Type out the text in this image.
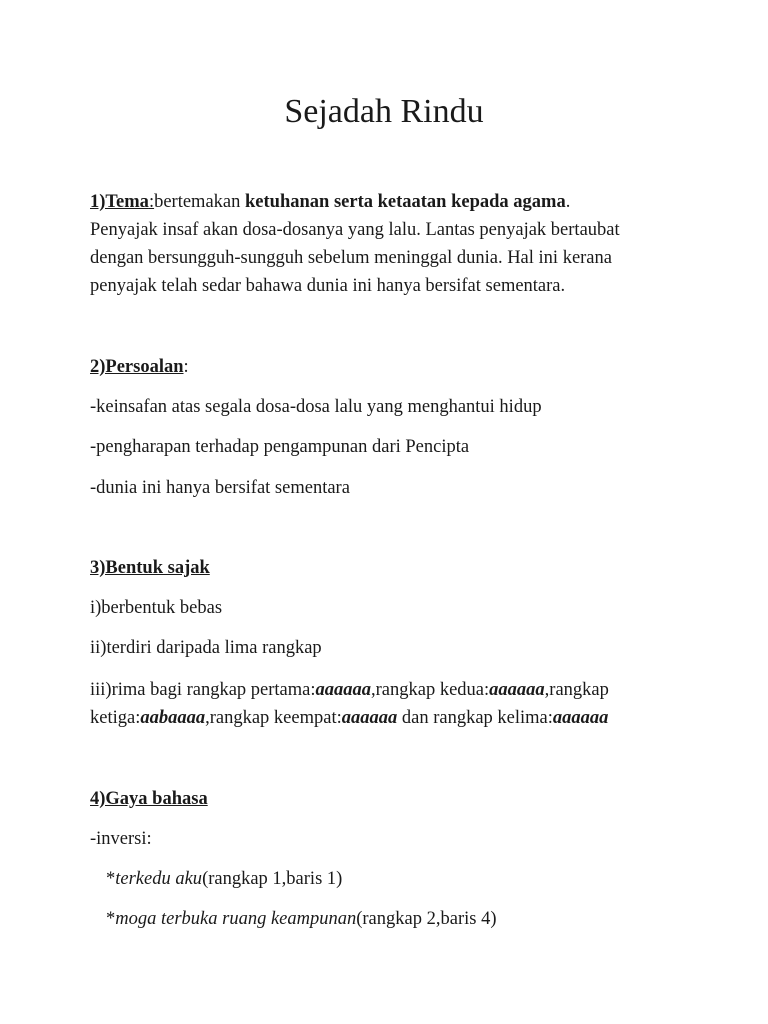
Sejadah Rindu
1)Tema:bertemakan ketuhanan serta ketaatan kepada agama.
Penyajak insaf akan dosa-dosanya yang lalu. Lantas penyajak bertaubat
dengan bersungguh-sungguh sebelum meninggal dunia. Hal ini kerana
penyajak telah sedar bahawa dunia ini hanya bersifat sementara.
2)Persoalan:
-keinsafan atas segala dosa-dosa lalu yang menghantui hidup
-pengharapan terhadap pengampunan dari Pencipta
-dunia ini hanya bersifat sementara
3)Bentuk sajak
i)berbentuk bebas
ii)terdiri daripada lima rangkap
iii)rima bagi rangkap pertama:aaaaaa,rangkap kedua:aaaaaa,rangkap
ketiga:aabaaaa,rangkap keempat:aaaaaa dan rangkap kelima:aaaaaa
4)Gaya bahasa
-inversi:
*terkedu aku(rangkap 1,baris 1)
*moga terbuka ruang keampunan(rangkap 2,baris 4)
